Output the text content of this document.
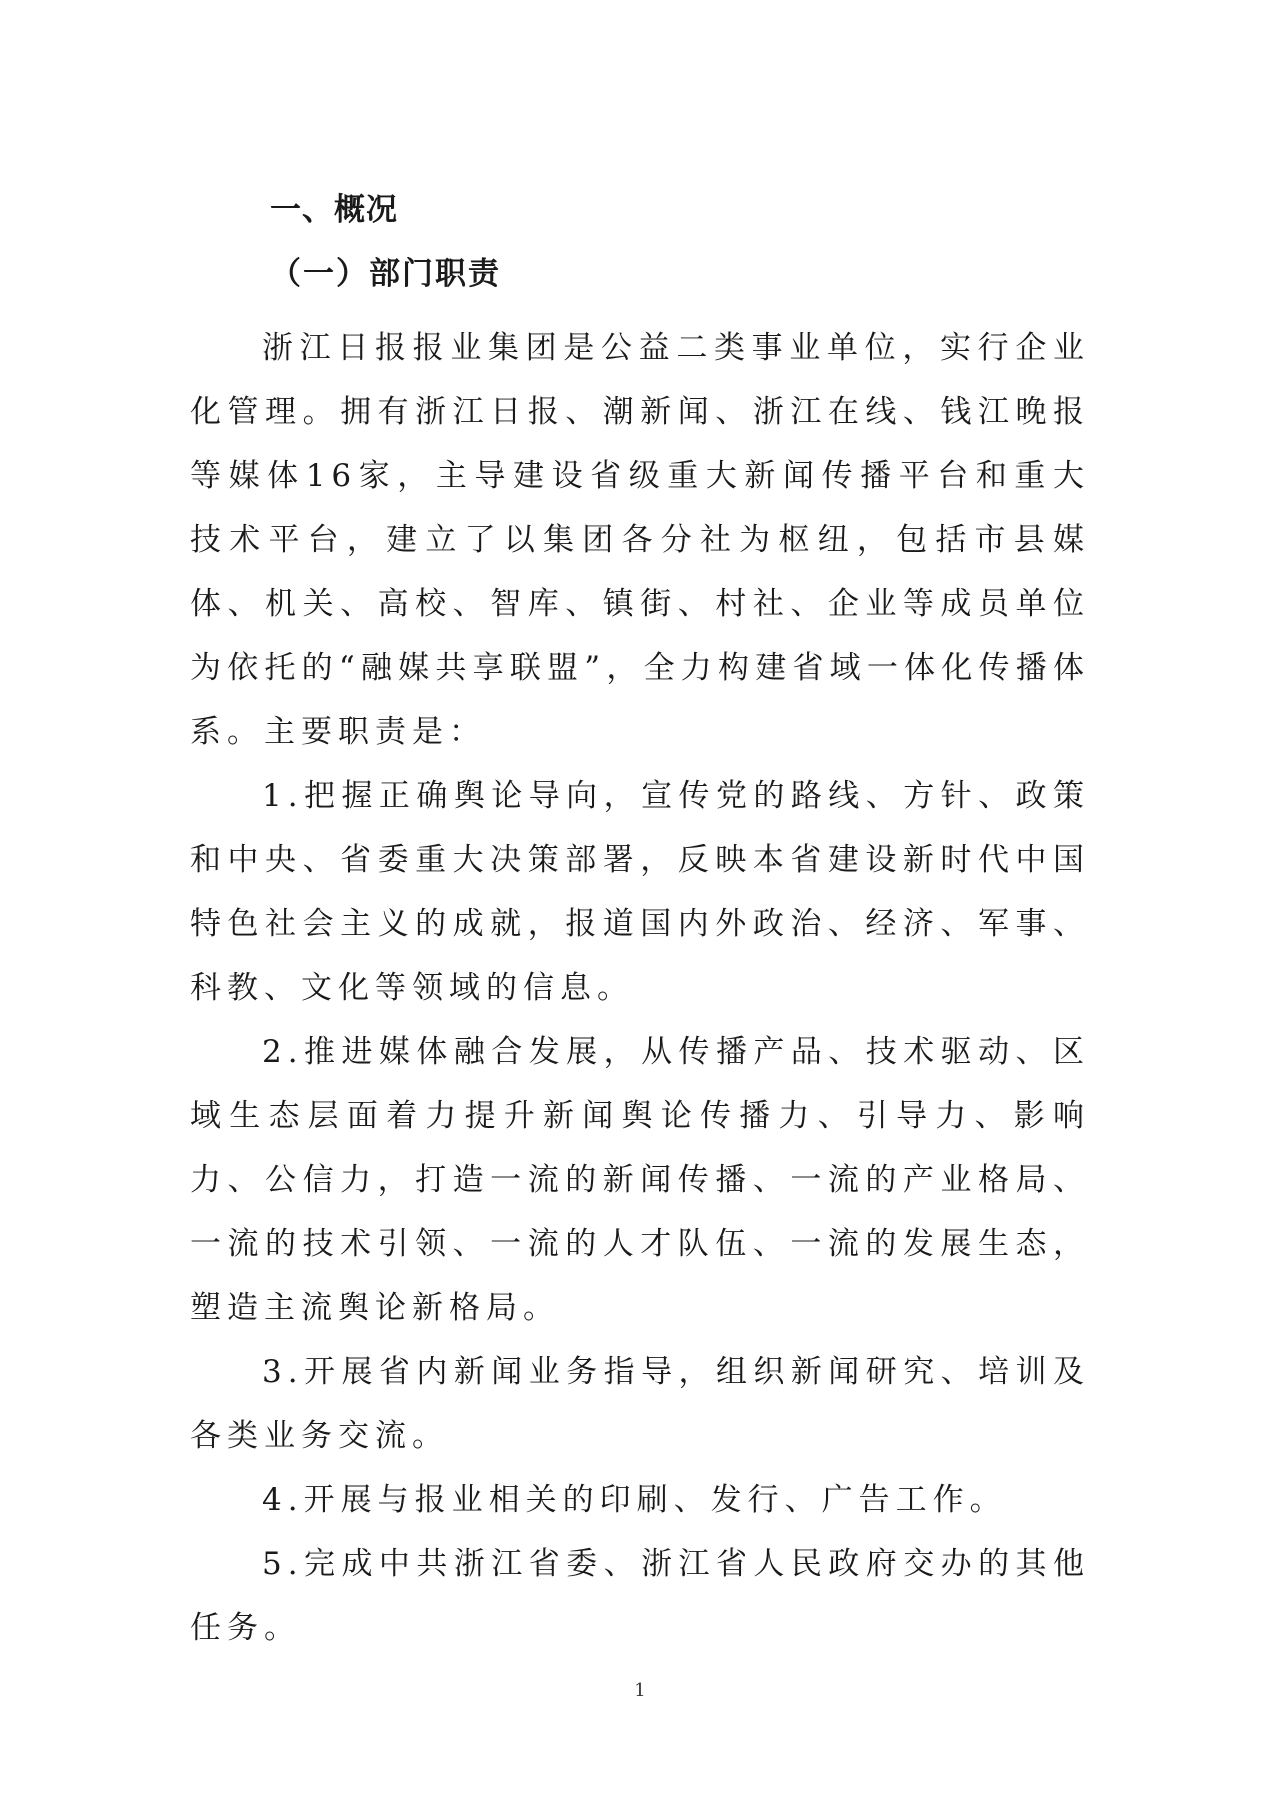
一、概况
（一）部门职责

浙江日报报业集团是公益二类事业单位，实行企业化管理。拥有浙江日报、潮新闻、浙江在线、钱江晚报等媒体16家，主导建设省级重大新闻传播平台和重大技术平台，建立了以集团各分社为枢纽，包括市县媒体、机关、高校、智库、镇街、村社、企业等成员单位为依托的“融媒共享联盟”，全力构建省域一体化传播体系。主要职责是：

1.把握正确舆论导向，宣传党的路线、方针、政策和中央、省委重大决策部署，反映本省建设新时代中国特色社会主义的成就，报道国内外政治、经济、军事、科教、文化等领域的信息。

2.推进媒体融合发展，从传播产品、技术驱动、区域生态层面着力提升新闻舆论传播力、引导力、影响力、公信力，打造一流的新闻传播、一流的产业格局、一流的技术引领、一流的人才队伍、一流的发展生态，塑造主流舆论新格局。

3.开展省内新闻业务指导，组织新闻研究、培训及各类业务交流。

4.开展与报业相关的印刷、发行、广告工作。

5.完成中共浙江省委、浙江省人民政府交办的其他任务。

1
